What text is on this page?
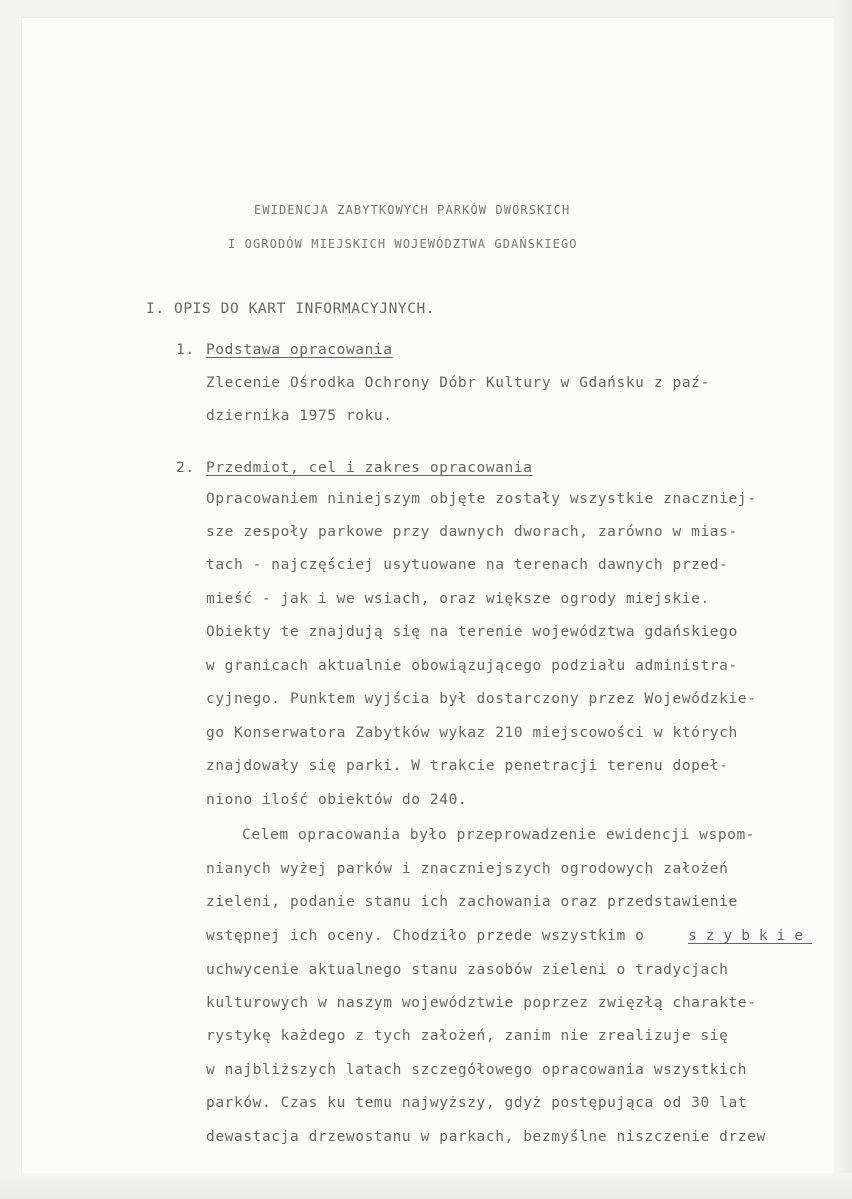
EWIDENCJA ZABYTKOWYCH PARKÓW DWORSKICH
I OGRODÓW MIEJSKICH WOJEWÓDZTWA GDAŃSKIEGO
I. OPIS DO KART INFORMACYJNYCH.
1. Podstawa opracowania
Zlecenie Ośrodka Ochrony Dóbr Kultury w Gdańsku z paź-
dziernika 1975 roku.
2. Przedmiot, cel i zakres opracowania
Opracowaniem niniejszym objęte zostały wszystkie znaczniej-
sze zespoły parkowe przy dawnych dworach, zarówno w mias-
tach - najczęściej usytuowane na terenach dawnych przed-
mieść - jak i we wsiach, oraz większe ogrody miejskie.
Obiekty te znajdują się na terenie województwa gdańskiego
w granicach aktualnie obowiązującego podziału administra-
cyjnego. Punktem wyjścia był dostarczony przez Wojewódzkie-
go Konserwatora Zabytków wykaz 210 miejscowości w których
znajdowały się parki. W trakcie penetracji terenu dopeł-
niono ilość obiektów do 240.
Celem opracowania było przeprowadzenie ewidencji wspom-
nianych wyżej parków i znaczniejszych ogrodowych założeń
zieleni, podanie stanu ich zachowania oraz przedstawienie
wstępnej ich oceny. Chodziło przede wszystkim o	szybkie
uchwycenie aktualnego stanu zasobów zieleni o tradycjach
kulturowych w naszym województwie poprzez zwięzłą charakte-
rystykę każdego z tych założeń, zanim nie zrealizuje się
w najbliższych latach szczegółowego opracowania wszystkich
parków. Czas ku temu najwyższy, gdyż postępująca od 30 lat
dewastacja drzewostanu w parkach, bezmyślne niszczenie drzew
